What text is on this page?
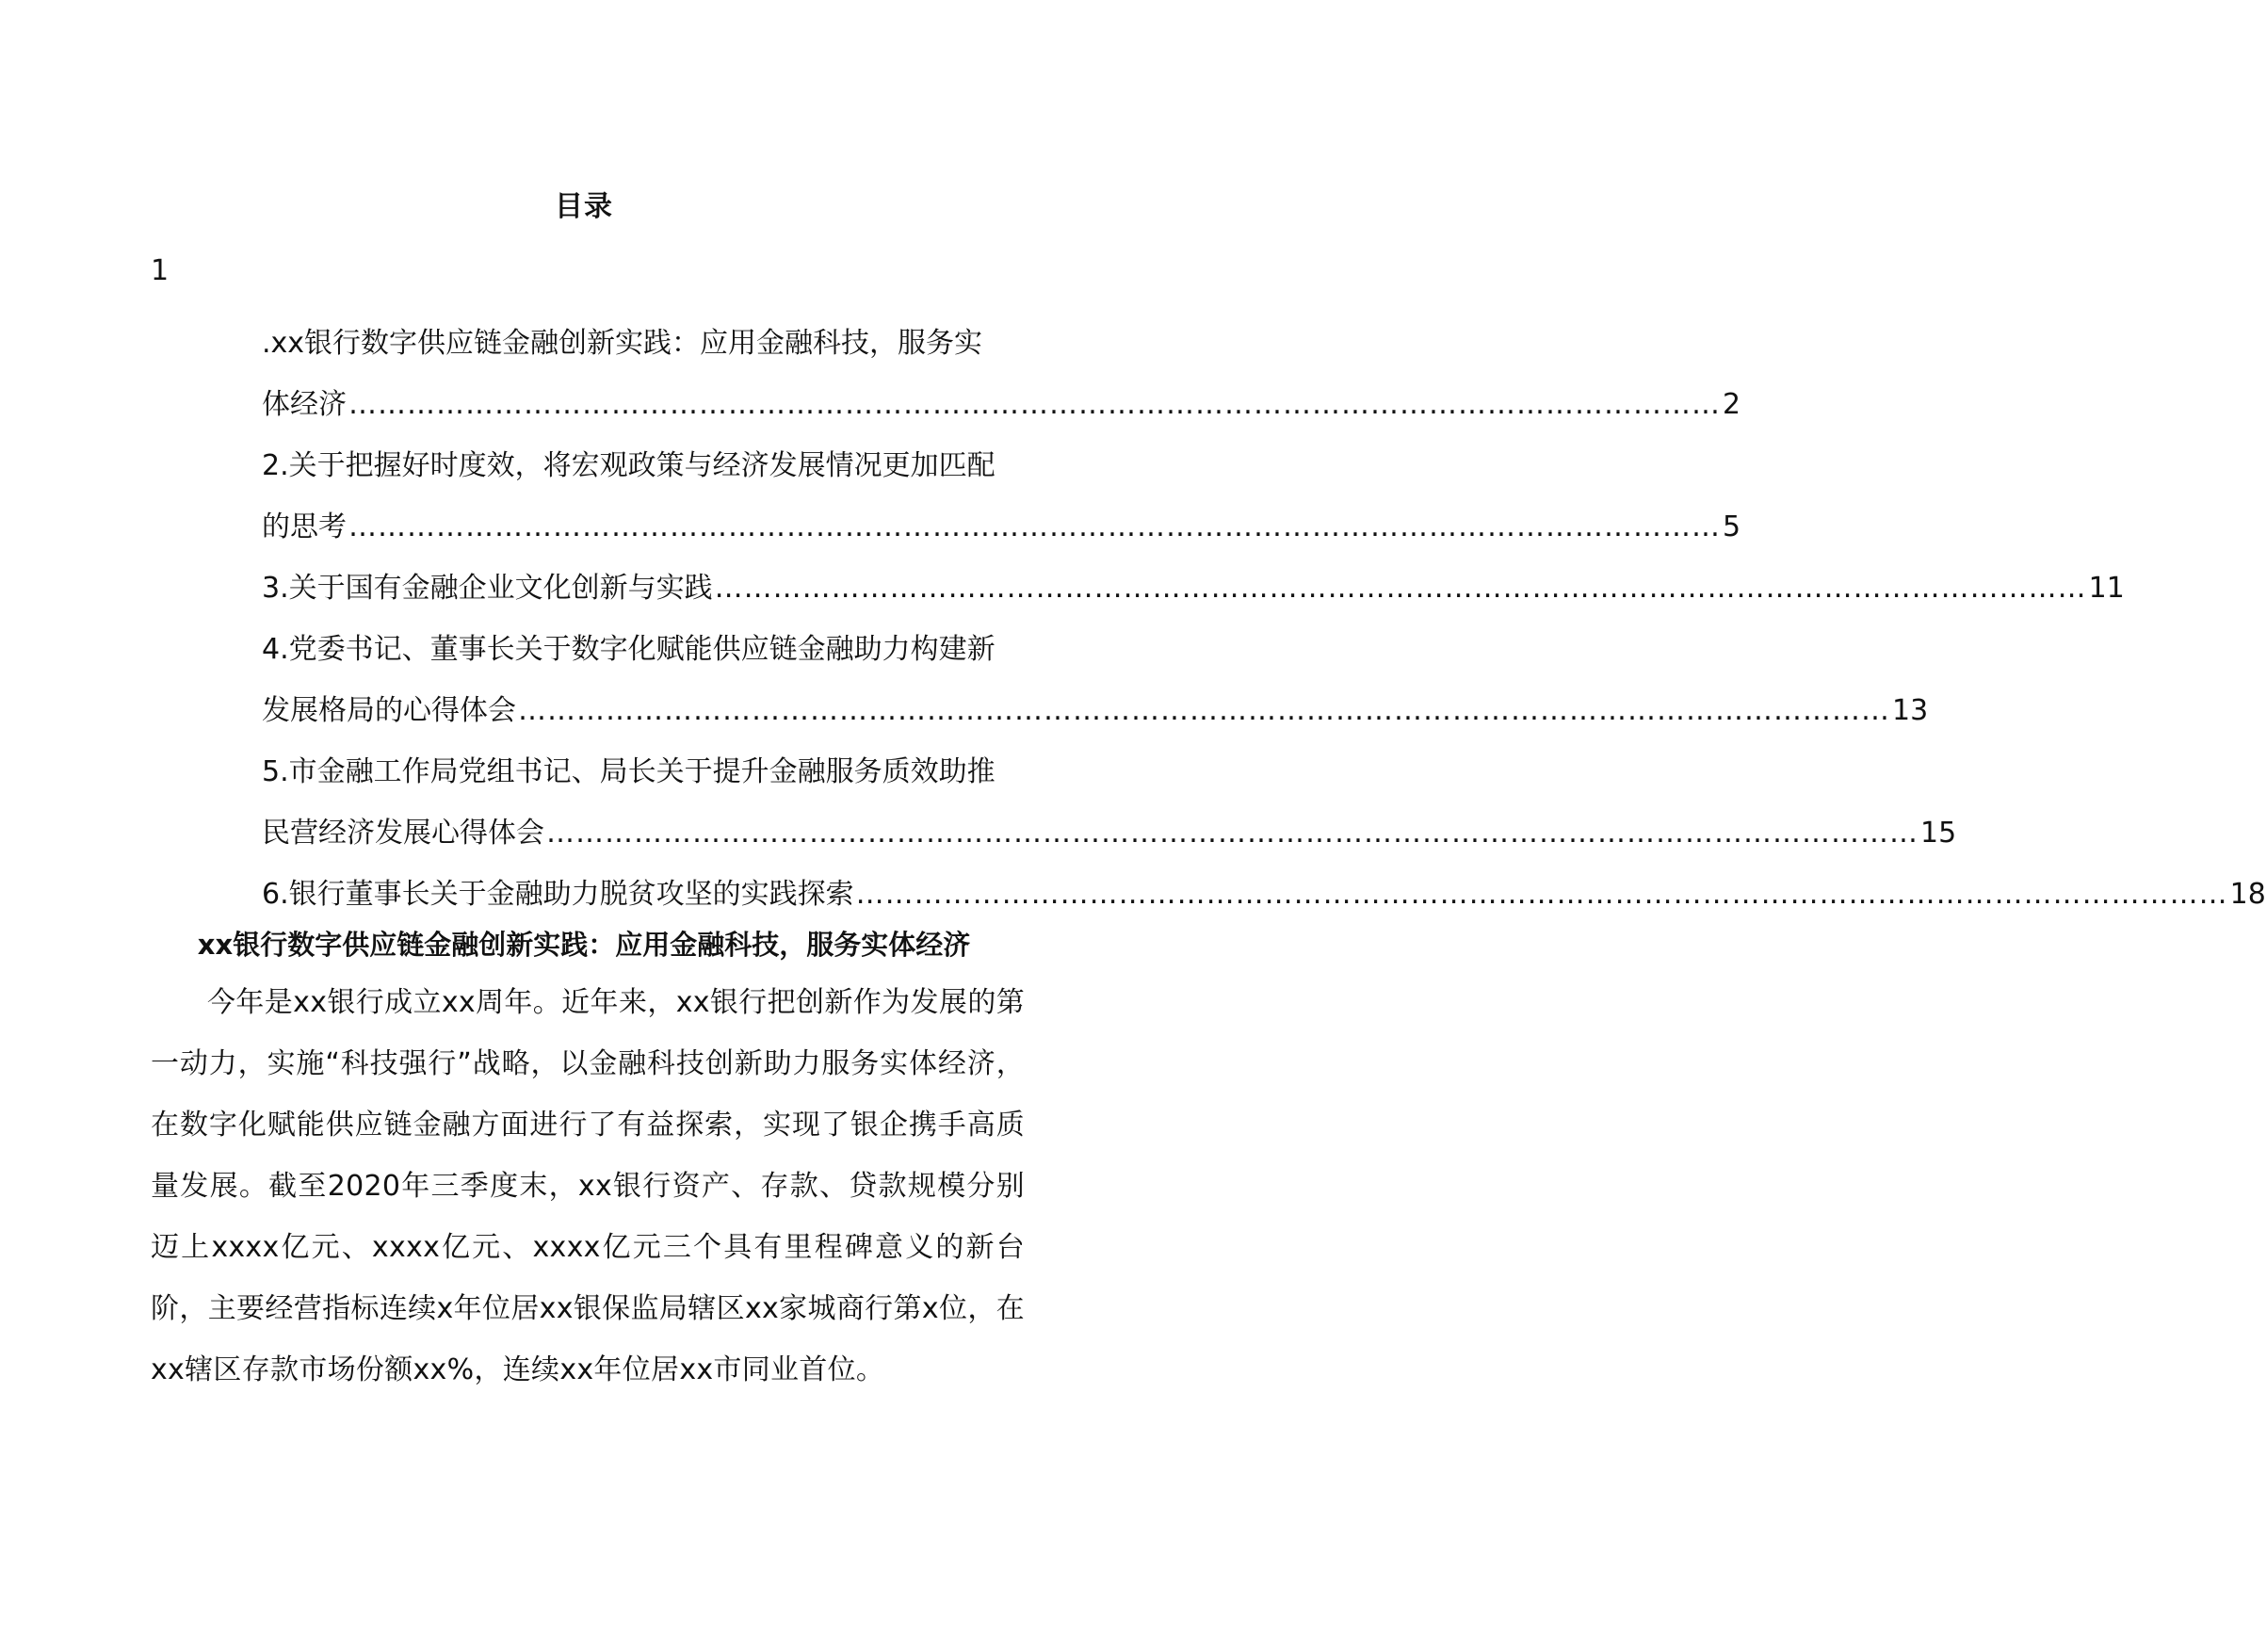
目录
1
.xx银行数字供应链金融创新实践：应用金融科技，服务实
体经济 …………………………………………………………………………………………………………………………… 2
2.关于把握好时度效，将宏观政策与经济发展情况更加匹配
的思考 …………………………………………………………………………………………………………………………… 5
3.关于国有金融企业文化创新与实践 …………………………………………………………………………………………………………………………… 11
4.党委书记、董事长关于数字化赋能供应链金融助力构建新
发展格局的心得体会 …………………………………………………………………………………………………………………………… 13
5.市金融工作局党组书记、局长关于提升金融服务质效助推
民营经济发展心得体会 …………………………………………………………………………………………………………………………… 15
6.银行董事长关于金融助力脱贫攻坚的实践探索 …………………………………………………………………………………………………………………………… 18
xx银行数字供应链金融创新实践：应用金融科技，服务实体经济
今年是xx银行成立xx周年。近年来，xx银行把创新作为发展的第一动力，实施“科技强行”战略，以金融科技创新助力服务实体经济，在数字化赋能供应链金融方面进行了有益探索，实现了银企携手高质量发展。截至2020年三季度末，xx银行资产、存款、贷款规模分别迈上xxxx亿元、xxxx亿元、xxxx亿元三个具有里程碑意义的新台阶，主要经营指标连续x年位居xx银保监局辖区xx家城商行第x位，在xx辖区存款市场份额xx%，连续xx年位居xx市同业首位。
